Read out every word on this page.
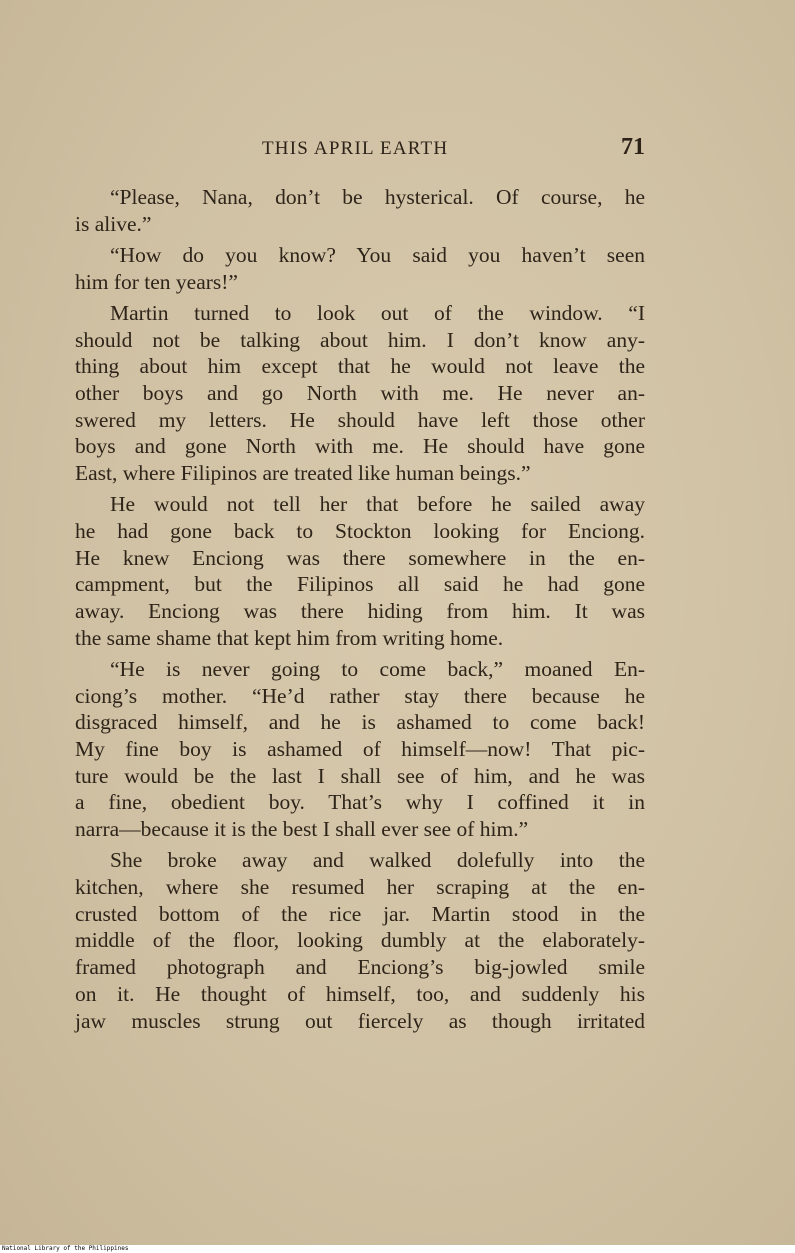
THIS APRIL EARTH	71
“Please, Nana, don’t be hysterical. Of course, he
is alive.”
“How do you know? You said you haven’t seen
him for ten years!”
Martin turned to look out of the window. “I
should not be talking about him. I don’t know any-
thing about him except that he would not leave the
other boys and go North with me. He never an-
swered my letters. He should have left those other
boys and gone North with me. He should have gone
East, where Filipinos are treated like human beings.”
He would not tell her that before he sailed away
he had gone back to Stockton looking for Enciong.
He knew Enciong was there somewhere in the en-
campment, but the Filipinos all said he had gone
away. Enciong was there hiding from him. It was
the same shame that kept him from writing home.
“He is never going to come back,” moaned En-
ciong’s mother. “He’d rather stay there because he
disgraced himself, and he is ashamed to come back!
My fine boy is ashamed of himself—now! That pic-
ture would be the last I shall see of him, and he was
a fine, obedient boy. That’s why I coffined it in
narra—because it is the best I shall ever see of him.”
She broke away and walked dolefully into the
kitchen, where she resumed her scraping at the en-
crusted bottom of the rice jar. Martin stood in the
middle of the floor, looking dumbly at the elaborately-
framed photograph and Enciong’s big-jowled smile
on it. He thought of himself, too, and suddenly his
jaw muscles strung out fiercely as though irritated
National Library of the Philippines
